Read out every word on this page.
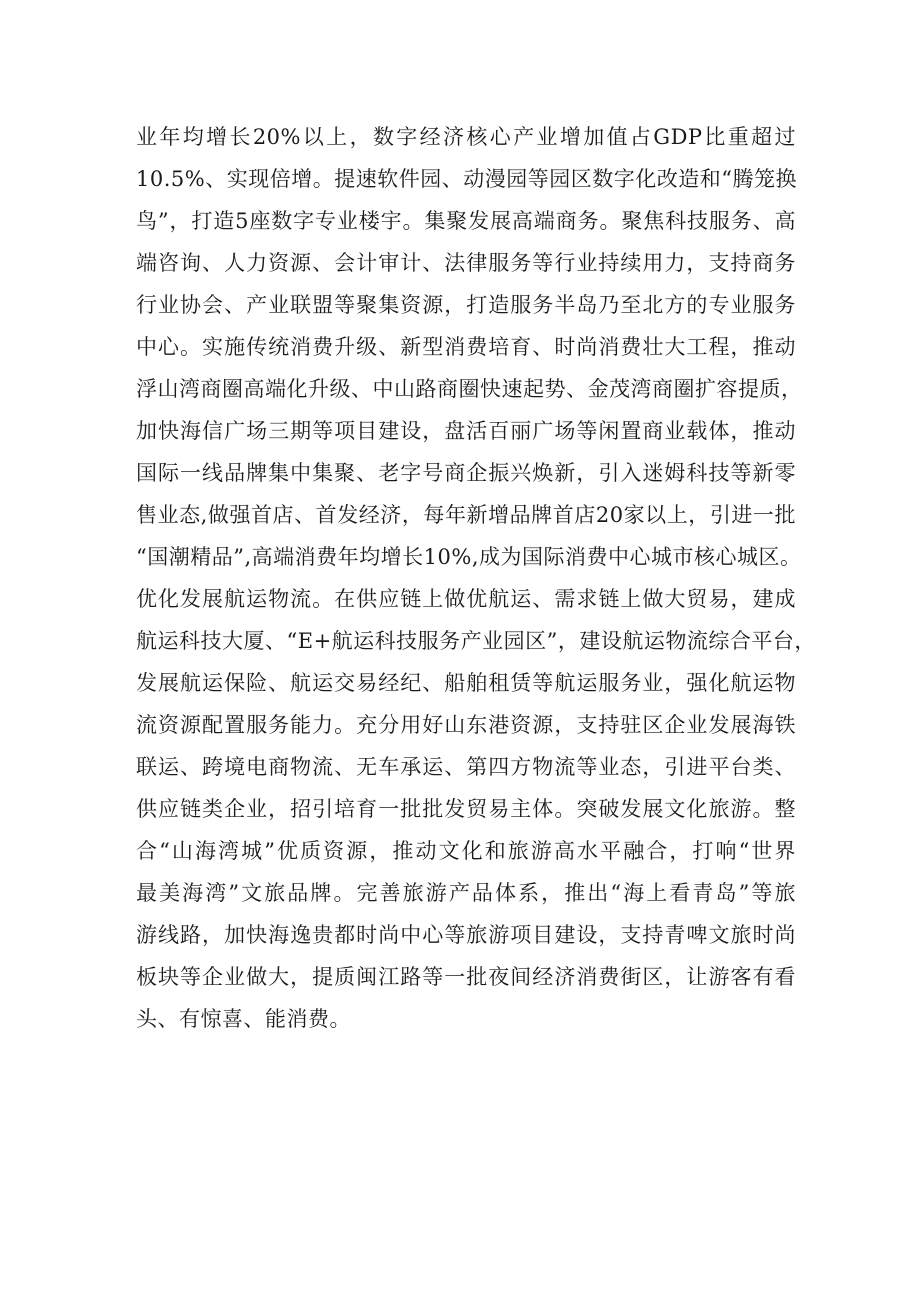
业年均增长20%以上，数字经济核心产业增加值占GDP比重超过
10.5%、实现倍增。提速软件园、动漫园等园区数字化改造和“腾笼换
鸟”，打造5座数字专业楼宇。集聚发展高端商务。聚焦科技服务、高
端咨询、人力资源、会计审计、法律服务等行业持续用力，支持商务
行业协会、产业联盟等聚集资源，打造服务半岛乃至北方的专业服务
中心。实施传统消费升级、新型消费培育、时尚消费壮大工程，推动
浮山湾商圈高端化升级、中山路商圈快速起势、金茂湾商圈扩容提质，
加快海信广场三期等项目建设，盘活百丽广场等闲置商业载体，推动
国际一线品牌集中集聚、老字号商企振兴焕新，引入迷姆科技等新零
售业态,做强首店、首发经济，每年新增品牌首店20家以上，引进一批
“国潮精品”,高端消费年均增长10%,成为国际消费中心城市核心城区。
优化发展航运物流。在供应链上做优航运、需求链上做大贸易，建成
航运科技大厦、“E+航运科技服务产业园区”，建设航运物流综合平台，
发展航运保险、航运交易经纪、船舶租赁等航运服务业，强化航运物
流资源配置服务能力。充分用好山东港资源，支持驻区企业发展海铁
联运、跨境电商物流、无车承运、第四方物流等业态，引进平台类、
供应链类企业，招引培育一批批发贸易主体。突破发展文化旅游。整
合“山海湾城”优质资源，推动文化和旅游高水平融合，打响“世界
最美海湾”文旅品牌。完善旅游产品体系，推出“海上看青岛”等旅
游线路，加快海逸贵都时尚中心等旅游项目建设，支持青啤文旅时尚
板块等企业做大，提质闽江路等一批夜间经济消费街区，让游客有看
头、有惊喜、能消费。
